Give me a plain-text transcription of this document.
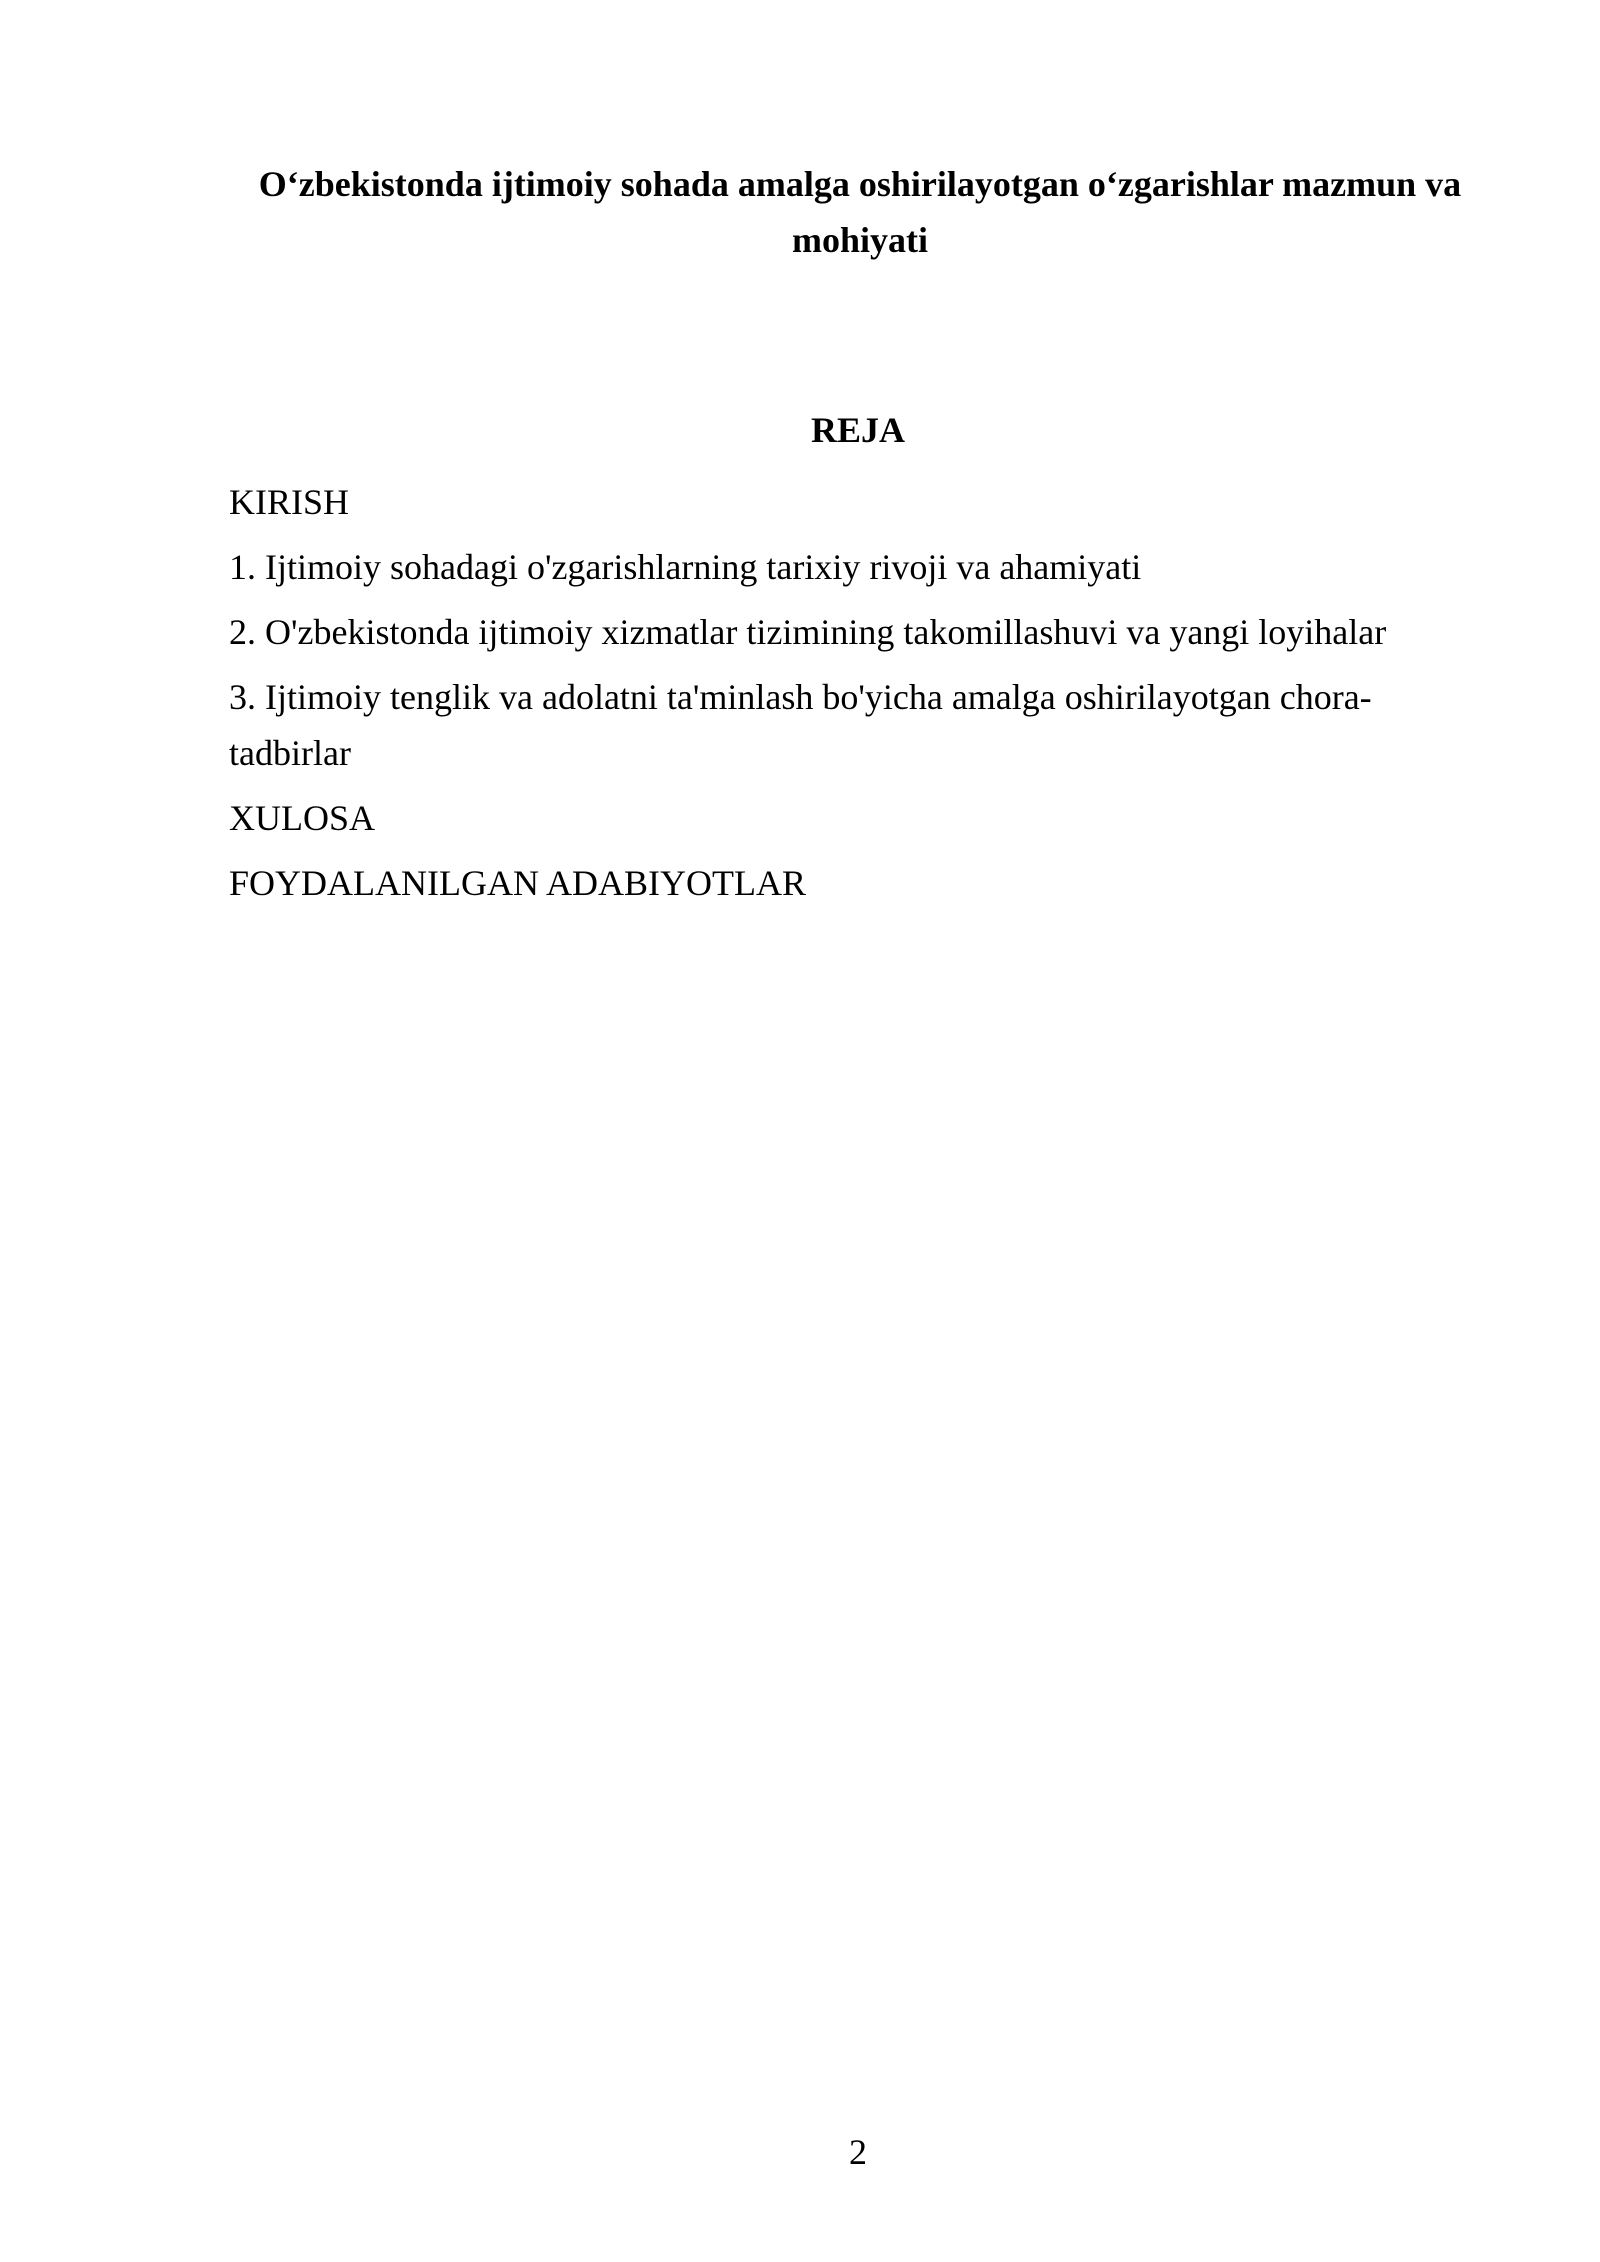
O‘zbekistonda ijtimoiy sohada amalga oshirilayotgan o‘zgarishlar mazmun va mohiyati
REJA
KIRISH
1. Ijtimoiy sohadagi o'zgarishlarning tarixiy rivoji va ahamiyati
2. O'zbekistonda ijtimoiy xizmatlar tizimining takomillashuvi va yangi loyihalar
3. Ijtimoiy tenglik va adolatni ta'minlash bo'yicha amalga oshirilayotgan chora-tadbirlar
XULOSA
FOYDALANILGAN ADABIYOTLAR
2
